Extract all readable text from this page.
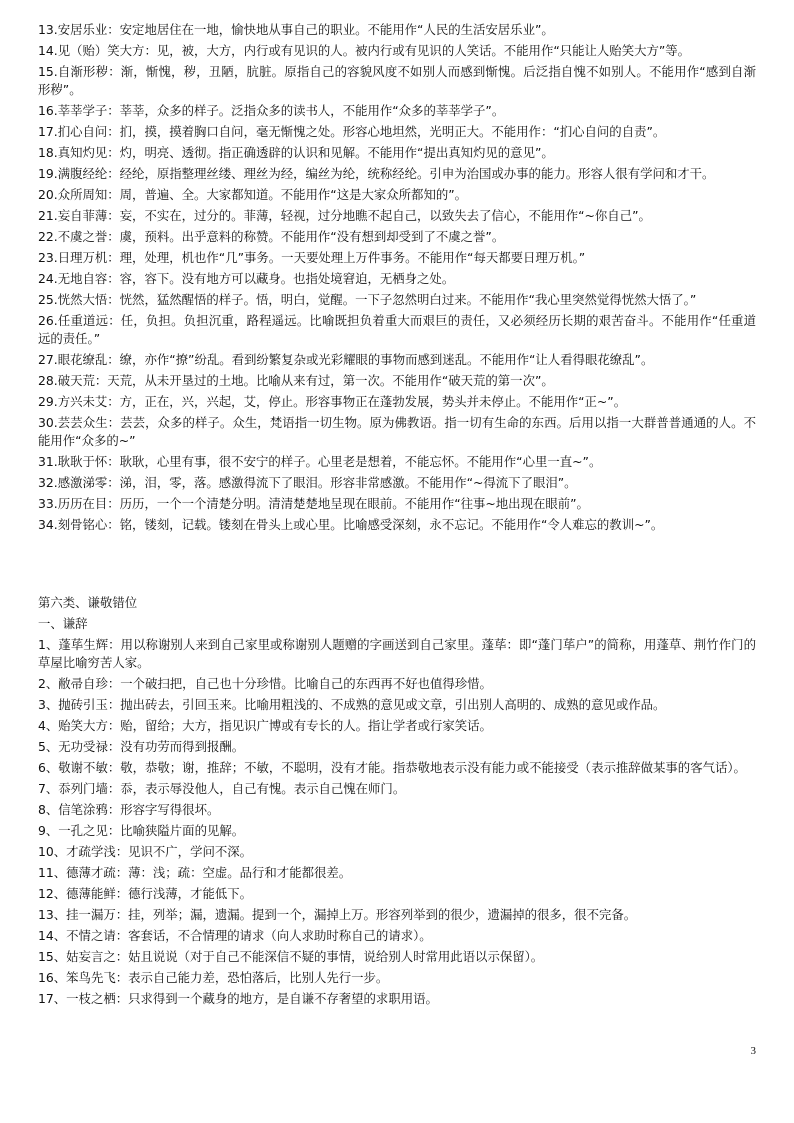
13.安居乐业：安定地居住在一地，愉快地从事自己的职业。不能用作“人民的生活安居乐业”。

14.见（贻）笑大方：见，被，大方，内行或有见识的人。被内行或有见识的人笑话。不能用作“只能让人贻笑大方”等。

15.自渐形秽：渐，惭愧，秽，丑陋，肮脏。原指自己的容貌风度不如别人而感到惭愧。后泛指自愧不如别人。不能用作“感到自渐形秽”。

16.莘莘学子：莘莘，众多的样子。泛指众多的读书人，不能用作“众多的莘莘学子”。

17.扪心自问：扪，摸，摸着胸口自问，毫无惭愧之处。形容心地坦然，光明正大。不能用作：“扪心自问的自责”。

18.真知灼见：灼，明亮、透彻。指正确透辟的认识和见解。不能用作“提出真知灼见的意见”。

19.满腹经纶：经纶，原指整理丝缕、理丝为经，编丝为纶，统称经纶。引申为治国或办事的能力。形容人很有学问和才干。

20.众所周知：周，普遍、全。大家都知道。不能用作“这是大家众所都知的”。

21.妄自菲薄：妄，不实在，过分的。菲薄，轻视，过分地瞧不起自己，以致失去了信心，不能用作“~你自己”。

22.不虞之誉：虞，预料。出乎意料的称赞。不能用作“没有想到却受到了不虞之誉”。

23.日理万机：理，处理，机也作“几”事务。一天要处理上万件事务。不能用作“每天都要日理万机。”

24.无地自容：容，容下。没有地方可以藏身。也指处境窘迫，无栖身之处。

25.恍然大悟：恍然，猛然醒悟的样子。悟，明白，觉醒。一下子忽然明白过来。不能用作“我心里突然觉得恍然大悟了。”

26.任重道远：任，负担。负担沉重，路程遥远。比喻既担负着重大而艰巨的责任，又必须经历长期的艰苦奋斗。不能用作“任重道远的责任。”

27.眼花缭乱：缭，亦作“撩”纷乱。看到纷繁复杂或光彩耀眼的事物而感到迷乱。不能用作“让人看得眼花缭乱”。

28.破天荒：天荒，从未开垦过的土地。比喻从来有过，第一次。不能用作“破天荒的第一次”。

29.方兴未艾：方，正在，兴，兴起，艾，停止。形容事物正在蓬勃发展，势头并未停止。不能用作“正~”。

30.芸芸众生：芸芸，众多的样子。众生，梵语指一切生物。原为佛教语。指一切有生命的东西。后用以指一大群普普通通的人。不能用作“众多的~”

31.耿耿于怀：耿耿，心里有事，很不安宁的样子。心里老是想着，不能忘怀。不能用作“心里一直~”。

32.感激涕零：涕，泪，零，落。感激得流下了眼泪。形容非常感激。不能用作“~得流下了眼泪”。

33.历历在目：历历，一个一个清楚分明。清清楚楚地呈现在眼前。不能用作“往事~地出现在眼前”。

34.刻骨铭心：铭，镂刻，记载。镂刻在骨头上或心里。比喻感受深刻，永不忘记。不能用作“令人难忘的教训~”。

第六类、谦敬错位
一、谦辞

1、蓬荜生辉：用以称谢别人来到自己家里或称谢别人题赠的字画送到自己家里。蓬荜：即“蓬门荜户”的简称，用蓬草、荆竹作门的草屋比喻穷苦人家。

2、敝帚自珍：一个破扫把，自己也十分珍惜。比喻自己的东西再不好也值得珍惜。

3、抛砖引玉：抛出砖去，引回玉来。比喻用粗浅的、不成熟的意见或文章，引出别人高明的、成熟的意见或作品。

4、贻笑大方：贻，留给；大方，指见识广博或有专长的人。指让学者或行家笑话。

5、无功受禄：没有功劳而得到报酬。

6、敬谢不敏：敬，恭敬；谢，推辞；不敏，不聪明，没有才能。指恭敬地表示没有能力或不能接受（表示推辞做某事的客气话）。

7、忝列门墙：忝，表示辱没他人，自己有愧。表示自己愧在师门。

8、信笔涂鸦：形容字写得很坏。

9、一孔之见：比喻狭隘片面的见解。

10、才疏学浅：见识不广，学问不深。

11、德薄才疏：薄：浅；疏：空虚。品行和才能都很差。

12、德薄能鲜：德行浅薄，才能低下。

13、挂一漏万：挂，列举；漏，遗漏。提到一个，漏掉上万。形容列举到的很少，遗漏掉的很多，很不完备。

14、不情之请：客套话，不合情理的请求（向人求助时称自己的请求）。

15、姑妄言之：姑且说说（对于自己不能深信不疑的事情，说给别人时常用此语以示保留）。

16、笨鸟先飞：表示自己能力差，恐怕落后，比别人先行一步。

17、一枝之栖：只求得到一个藏身的地方，是自谦不存奢望的求职用语。

3
